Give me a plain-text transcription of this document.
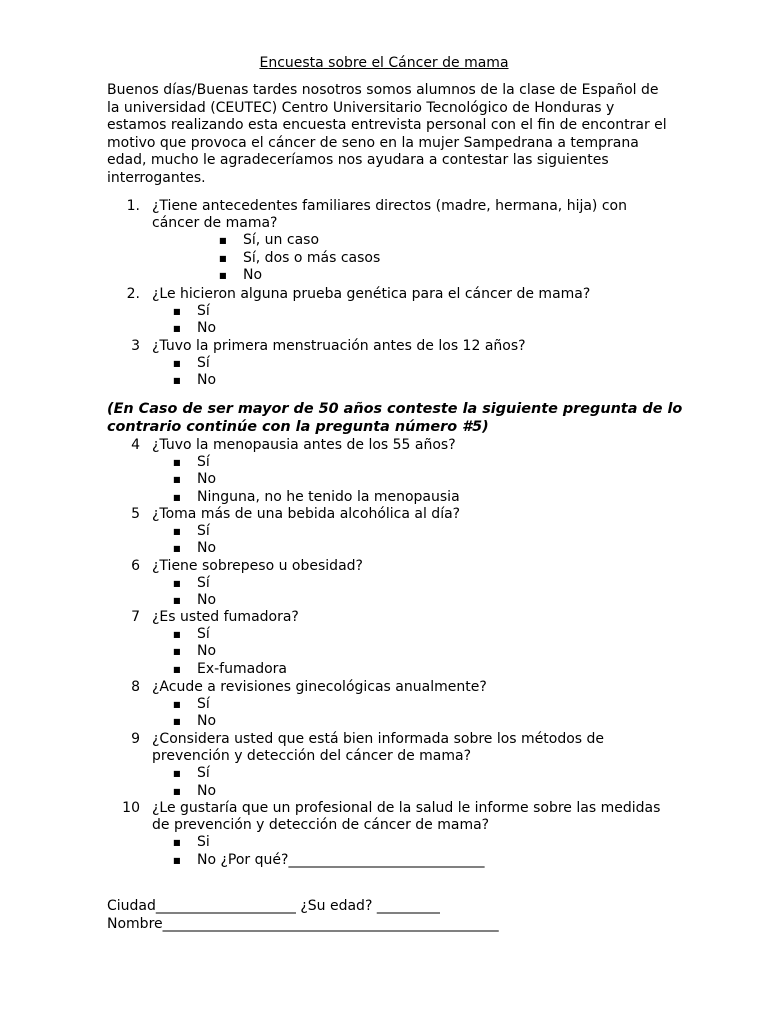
Encuesta sobre el Cáncer de mama
Buenos días/Buenas tardes nosotros somos alumnos de la clase de Español de la universidad (CEUTEC) Centro Universitario Tecnológico de Honduras y estamos realizando esta encuesta entrevista personal con el fin de encontrar el motivo que provoca el cáncer de seno en la mujer Sampedrana a temprana edad, mucho le agradeceríamos nos ayudara a contestar las siguientes interrogantes.
(En Caso de ser mayor de 50 años conteste la siguiente pregunta de lo contrario continúe con la pregunta número #5)
1. ¿Tiene antecedentes familiares directos (madre, hermana, hija) con
cáncer de mama?
■ Sí, un caso
■ Sí, dos o más casos
■ No
2. ¿Le hicieron alguna prueba genética para el cáncer de mama?
■ Sí
■ No
3 ¿Tuvo la primera menstruación antes de los 12 años?
■ Sí
■ No
4 ¿Tuvo la menopausia antes de los 55 años?
■ Sí
■ No
■ Ninguna, no he tenido la menopausia
5 ¿Toma más de una bebida alcohólica al día?
■ Sí
■ No
6 ¿Tiene sobrepeso u obesidad?
■ Sí
■ No
7 ¿Es usted fumadora?
■ Sí
■ No
■ Ex-fumadora
8 ¿Acude a revisiones ginecológicas anualmente?
■ Sí
■ No
9 ¿Considera usted que está bien informada sobre los métodos de
prevención y detección del cáncer de mama?
■ Sí
■ No
10 ¿Le gustaría que un profesional de la salud le informe sobre las medidas
de prevención y detección de cáncer de mama?
■ Si
■ No ¿Por qué?____________________________
Ciudad____________________ ¿Su edad? _________
Nombre________________________________________________
